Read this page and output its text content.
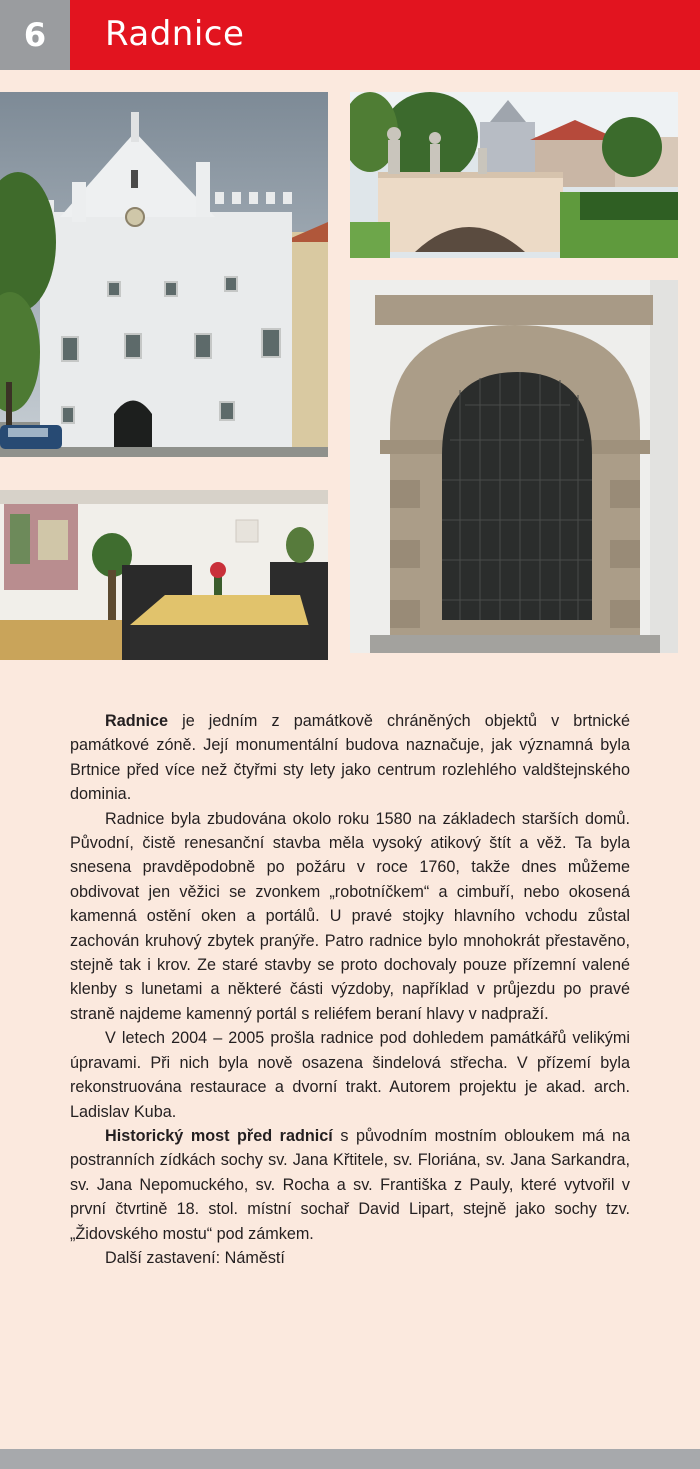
6	Radnice

Radnice je jedním z památkově chráněných objektů v brtnické památkové zóně. Její monumentální budova naznačuje, jak významná byla Brtnice před více než čtyřmi sty lety jako centrum rozlehlého valdštejnského dominia.

Radnice byla zbudována okolo roku 1580 na základech starších domů. Původní, čistě renesanční stavba měla vysoký atikový štít a věž. Ta byla snesena pravděpodobně po požáru v roce 1760, takže dnes můžeme obdivovat jen věžici se zvonkem „robotníčkem“ a cimbuří, nebo okosená kamenná ostění oken a portálů. U pravé stojky hlavního vchodu zůstal zachován kruhový zbytek pranýře. Patro radnice bylo mnohokrát přestavěno, stejně tak i krov. Ze staré stavby se proto dochovaly pouze přízemní valené klenby s lunetami a některé části výzdoby, například v průjezdu po pravé straně najdeme kamenný portál s reliéfem beraní hlavy v nadpraží.

V letech 2004 – 2005 prošla radnice pod dohledem památkářů velikými úpravami. Při nich byla nově osazena šindelová střecha. V přízemí byla rekonstruována restaurace a dvorní trakt. Autorem projektu je akad. arch. Ladislav Kuba.

Historický most před radnicí s původním mostním obloukem má na postranních zídkách sochy sv. Jana Křtitele, sv. Floriána, sv. Jana Sarkandra, sv. Jana Nepomuckého, sv. Rocha a sv. Františka z Pauly, které vytvořil v první čtvrtině 18. stol. místní sochař David Lipart, stejně jako sochy tzv. „Židovského mostu“ pod zámkem.

Další zastavení: Náměstí
